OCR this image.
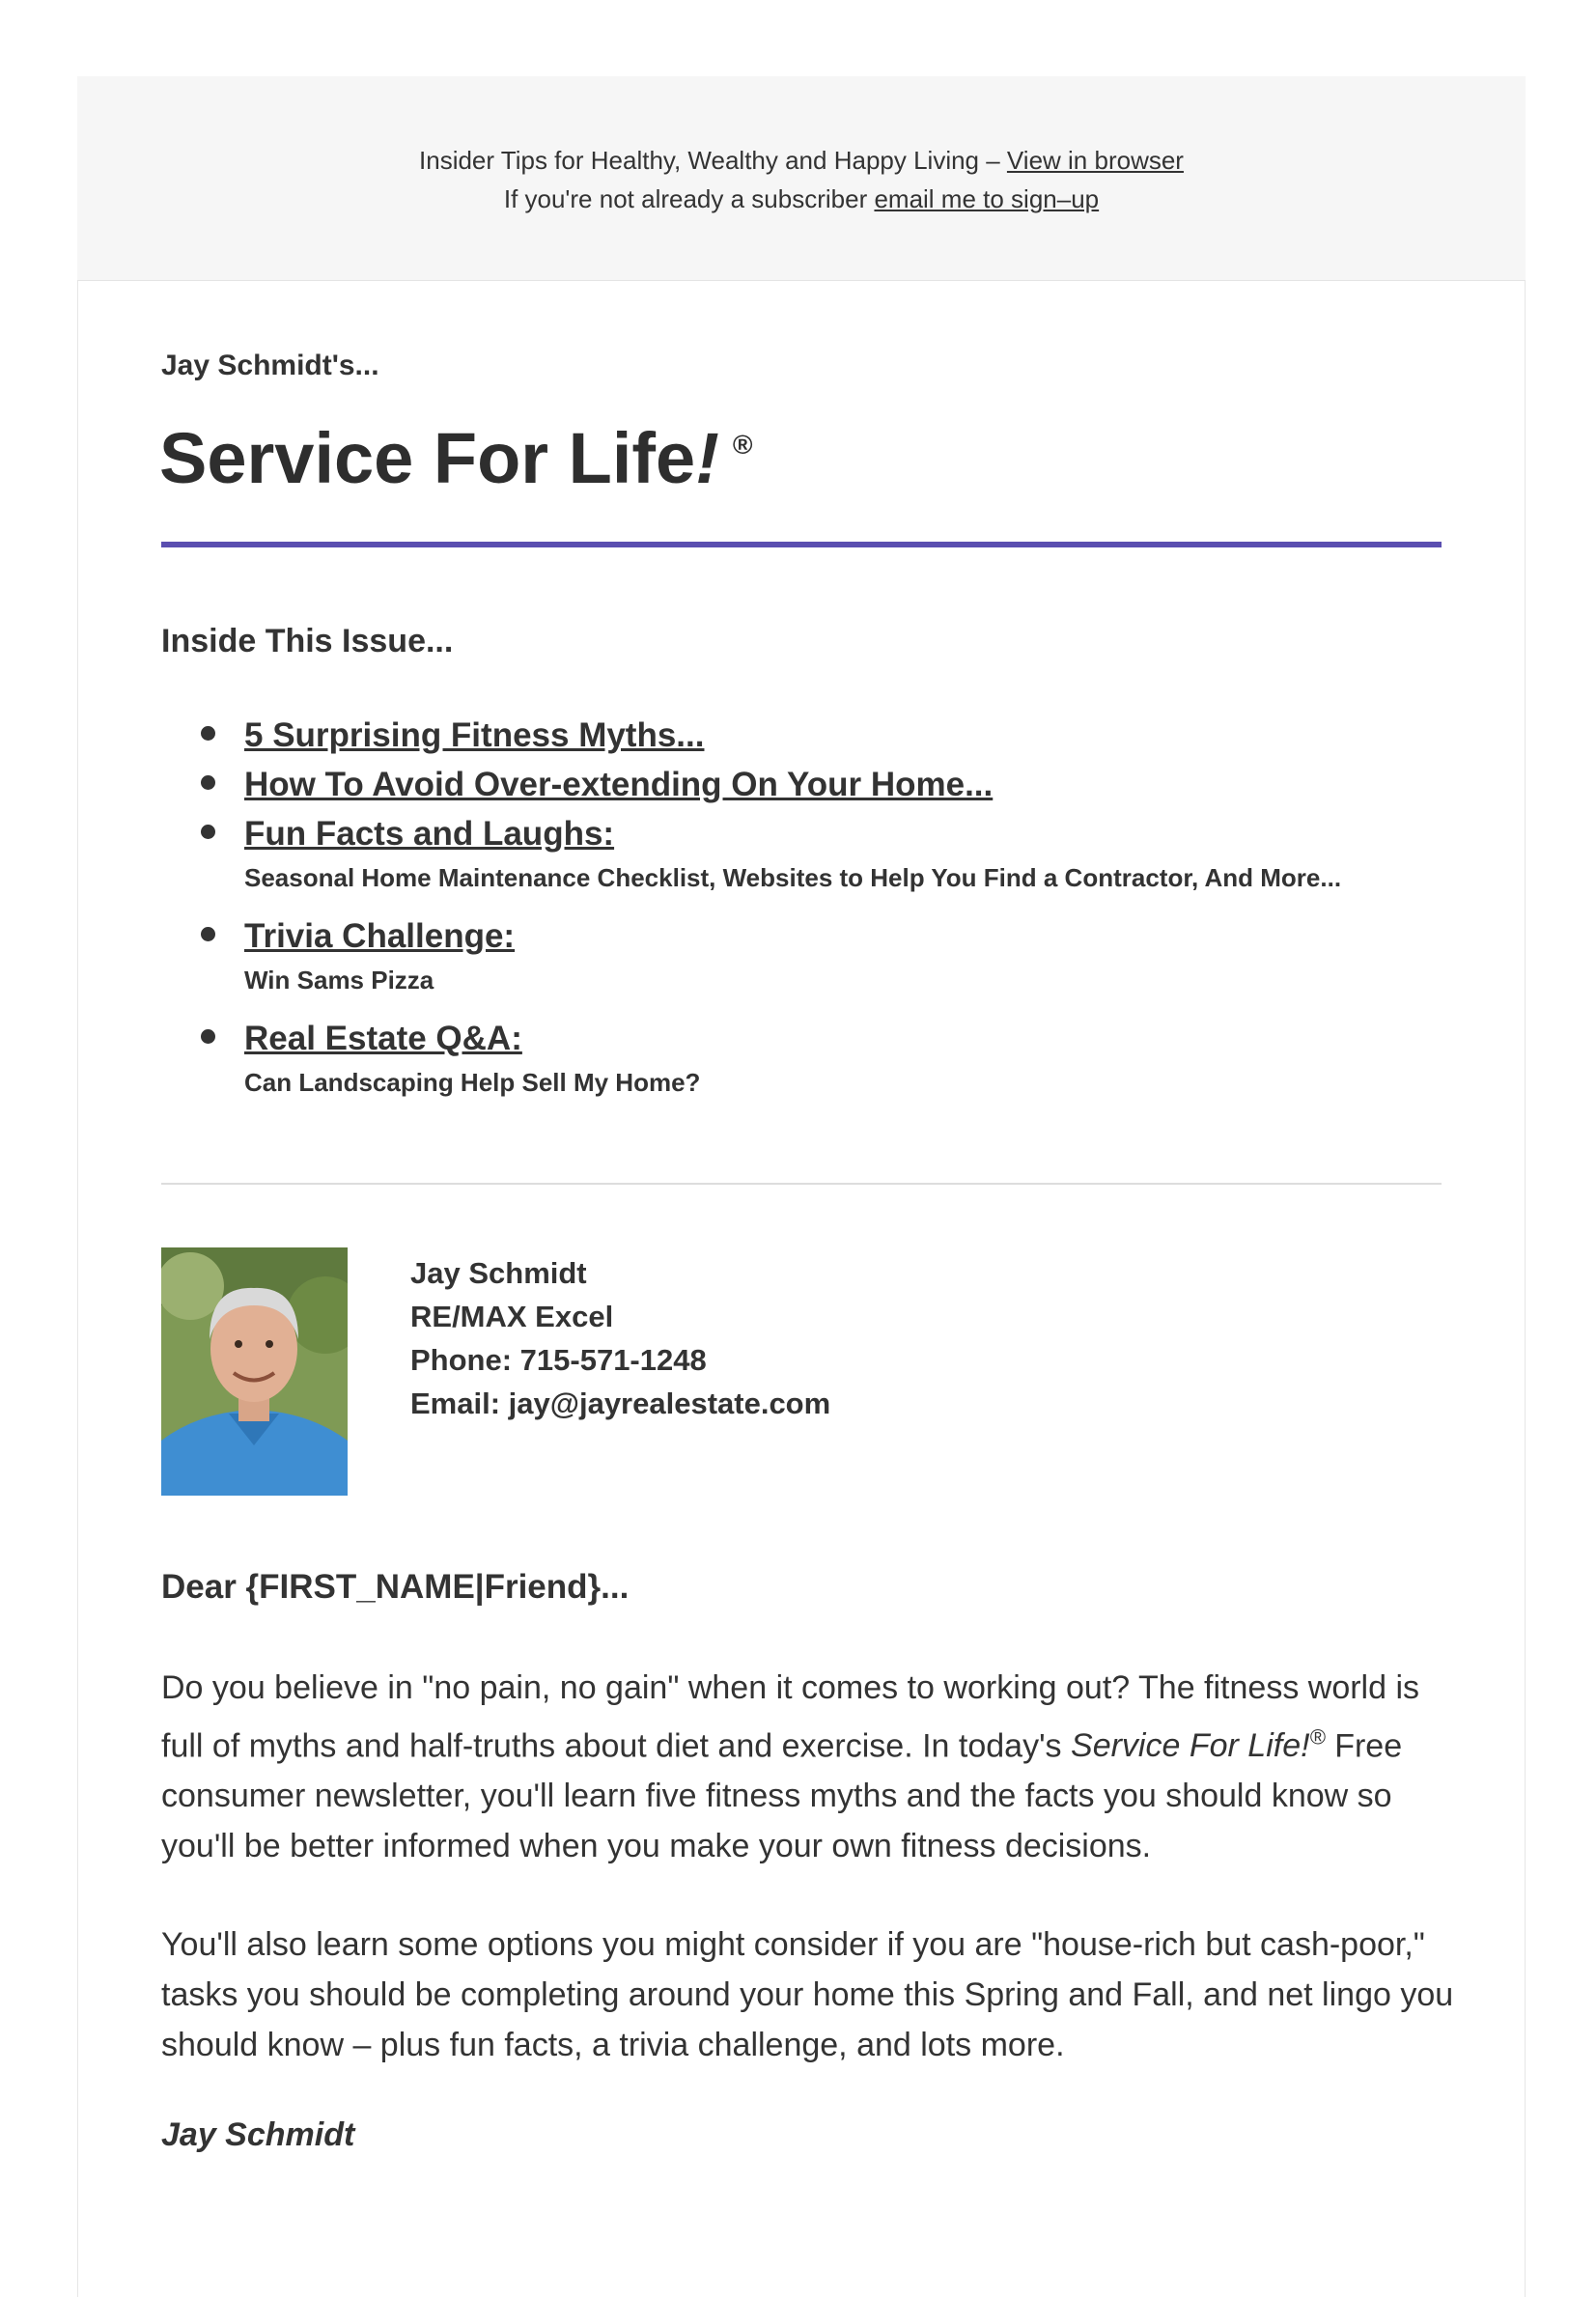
Insider Tips for Healthy, Wealthy and Happy Living – View in browser
If you're not already a subscriber email me to sign–up
Jay Schmidt's...
Service For Life! ®
Inside This Issue...
5 Surprising Fitness Myths...
How To Avoid Over-extending On Your Home...
Fun Facts and Laughs:
Seasonal Home Maintenance Checklist, Websites to Help You Find a Contractor, And More...
Trivia Challenge:
Win Sams Pizza
Real Estate Q&A:
Can Landscaping Help Sell My Home?
Jay Schmidt
RE/MAX Excel
Phone: 715-571-1248
Email: jay@jayrealestate.com
Dear {FIRST_NAME|Friend}...
Do you believe in "no pain, no gain" when it comes to working out? The fitness world is full of myths and half-truths about diet and exercise. In today's Service For Life!® Free consumer newsletter, you'll learn five fitness myths and the facts you should know so you'll be better informed when you make your own fitness decisions.
You'll also learn some options you might consider if you are "house-rich but cash-poor," tasks you should be completing around your home this Spring and Fall, and net lingo you should know – plus fun facts, a trivia challenge, and lots more.
Jay Schmidt
